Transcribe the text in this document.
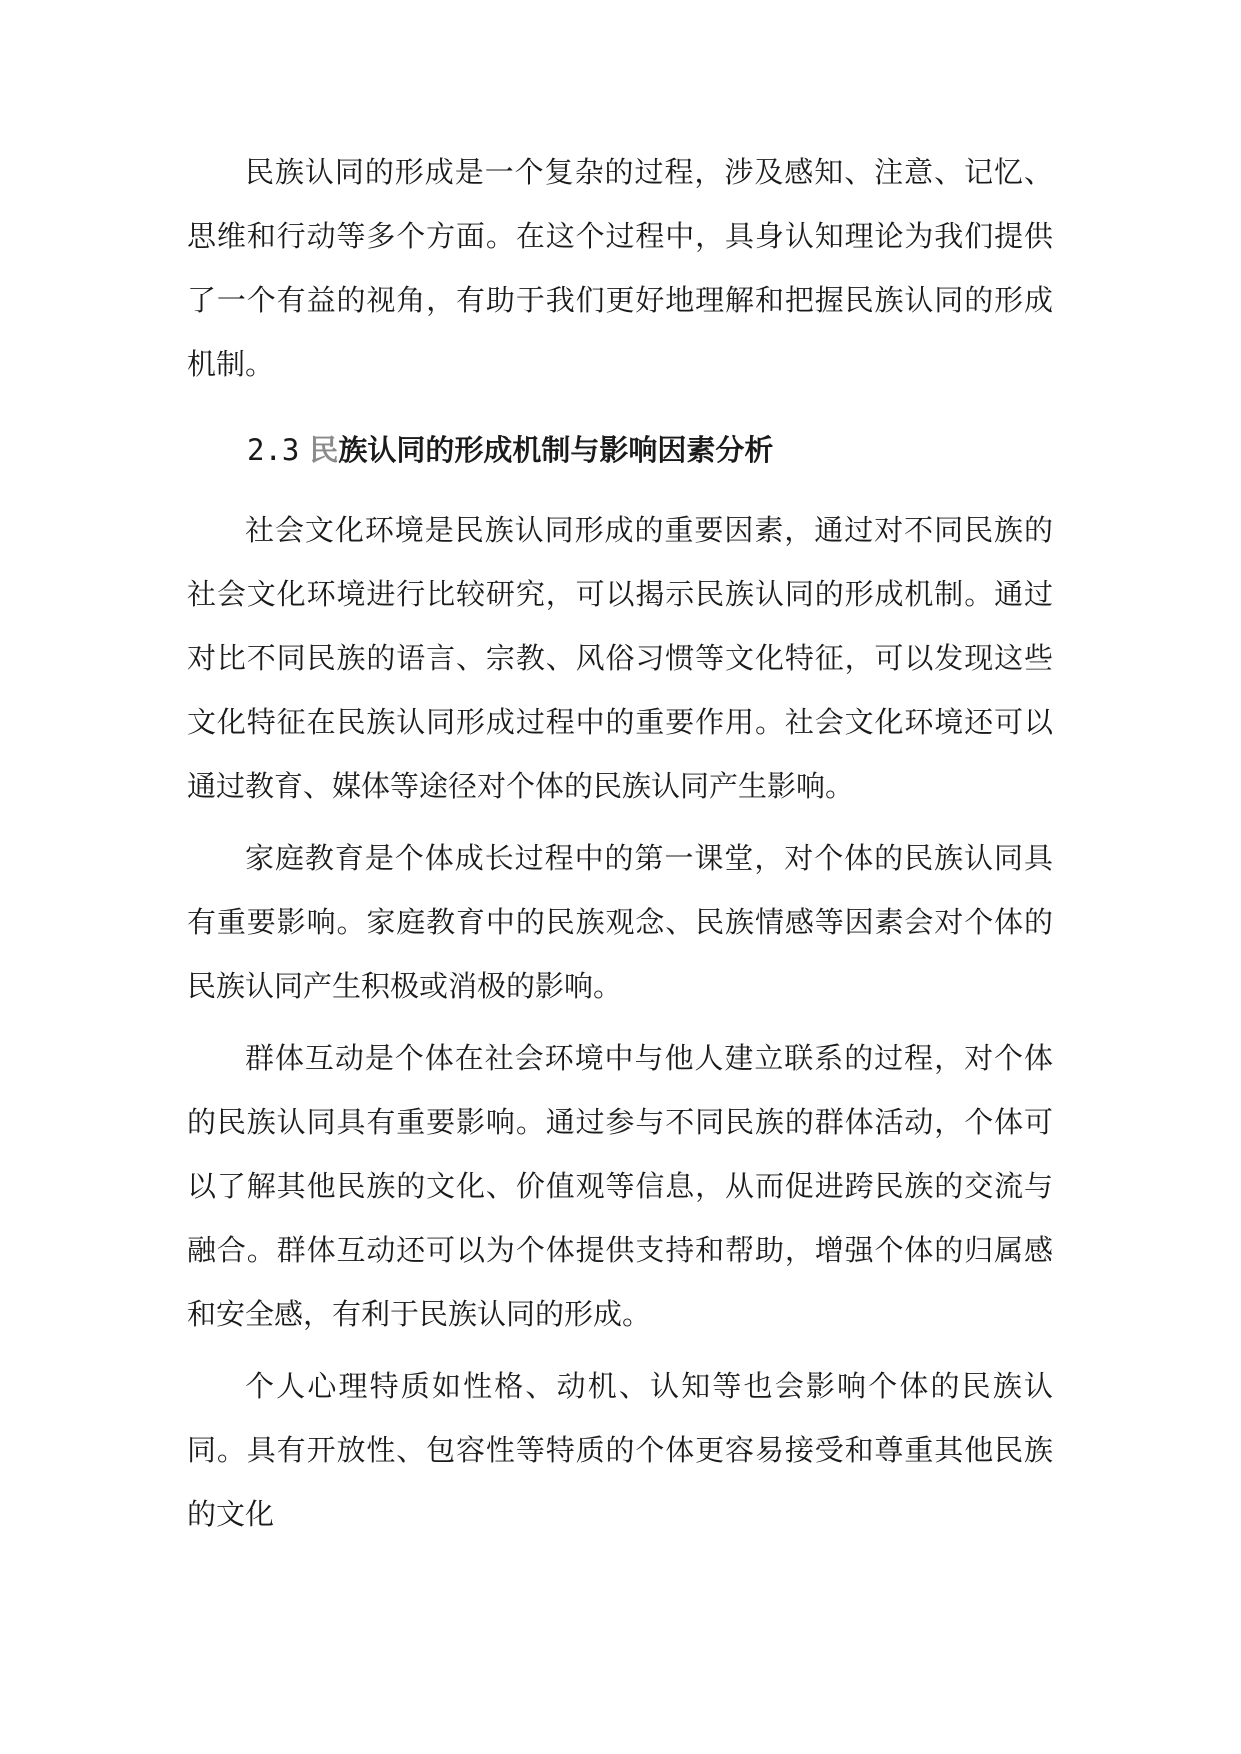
民族认同的形成是一个复杂的过程，涉及感知、注意、记忆、思维和行动等多个方面。在这个过程中，具身认知理论为我们提供了一个有益的视角，有助于我们更好地理解和把握民族认同的形成机制。

2.3 民族认同的形成机制与影响因素分析

社会文化环境是民族认同形成的重要因素，通过对不同民族的社会文化环境进行比较研究，可以揭示民族认同的形成机制。通过对比不同民族的语言、宗教、风俗习惯等文化特征，可以发现这些文化特征在民族认同形成过程中的重要作用。社会文化环境还可以通过教育、媒体等途径对个体的民族认同产生影响。

家庭教育是个体成长过程中的第一课堂，对个体的民族认同具有重要影响。家庭教育中的民族观念、民族情感等因素会对个体的民族认同产生积极或消极的影响。

群体互动是个体在社会环境中与他人建立联系的过程，对个体的民族认同具有重要影响。通过参与不同民族的群体活动，个体可以了解其他民族的文化、价值观等信息，从而促进跨民族的交流与融合。群体互动还可以为个体提供支持和帮助，增强个体的归属感和安全感，有利于民族认同的形成。

个人心理特质如性格、动机、认知等也会影响个体的民族认同。具有开放性、包容性等特质的个体更容易接受和尊重其他民族的文化
